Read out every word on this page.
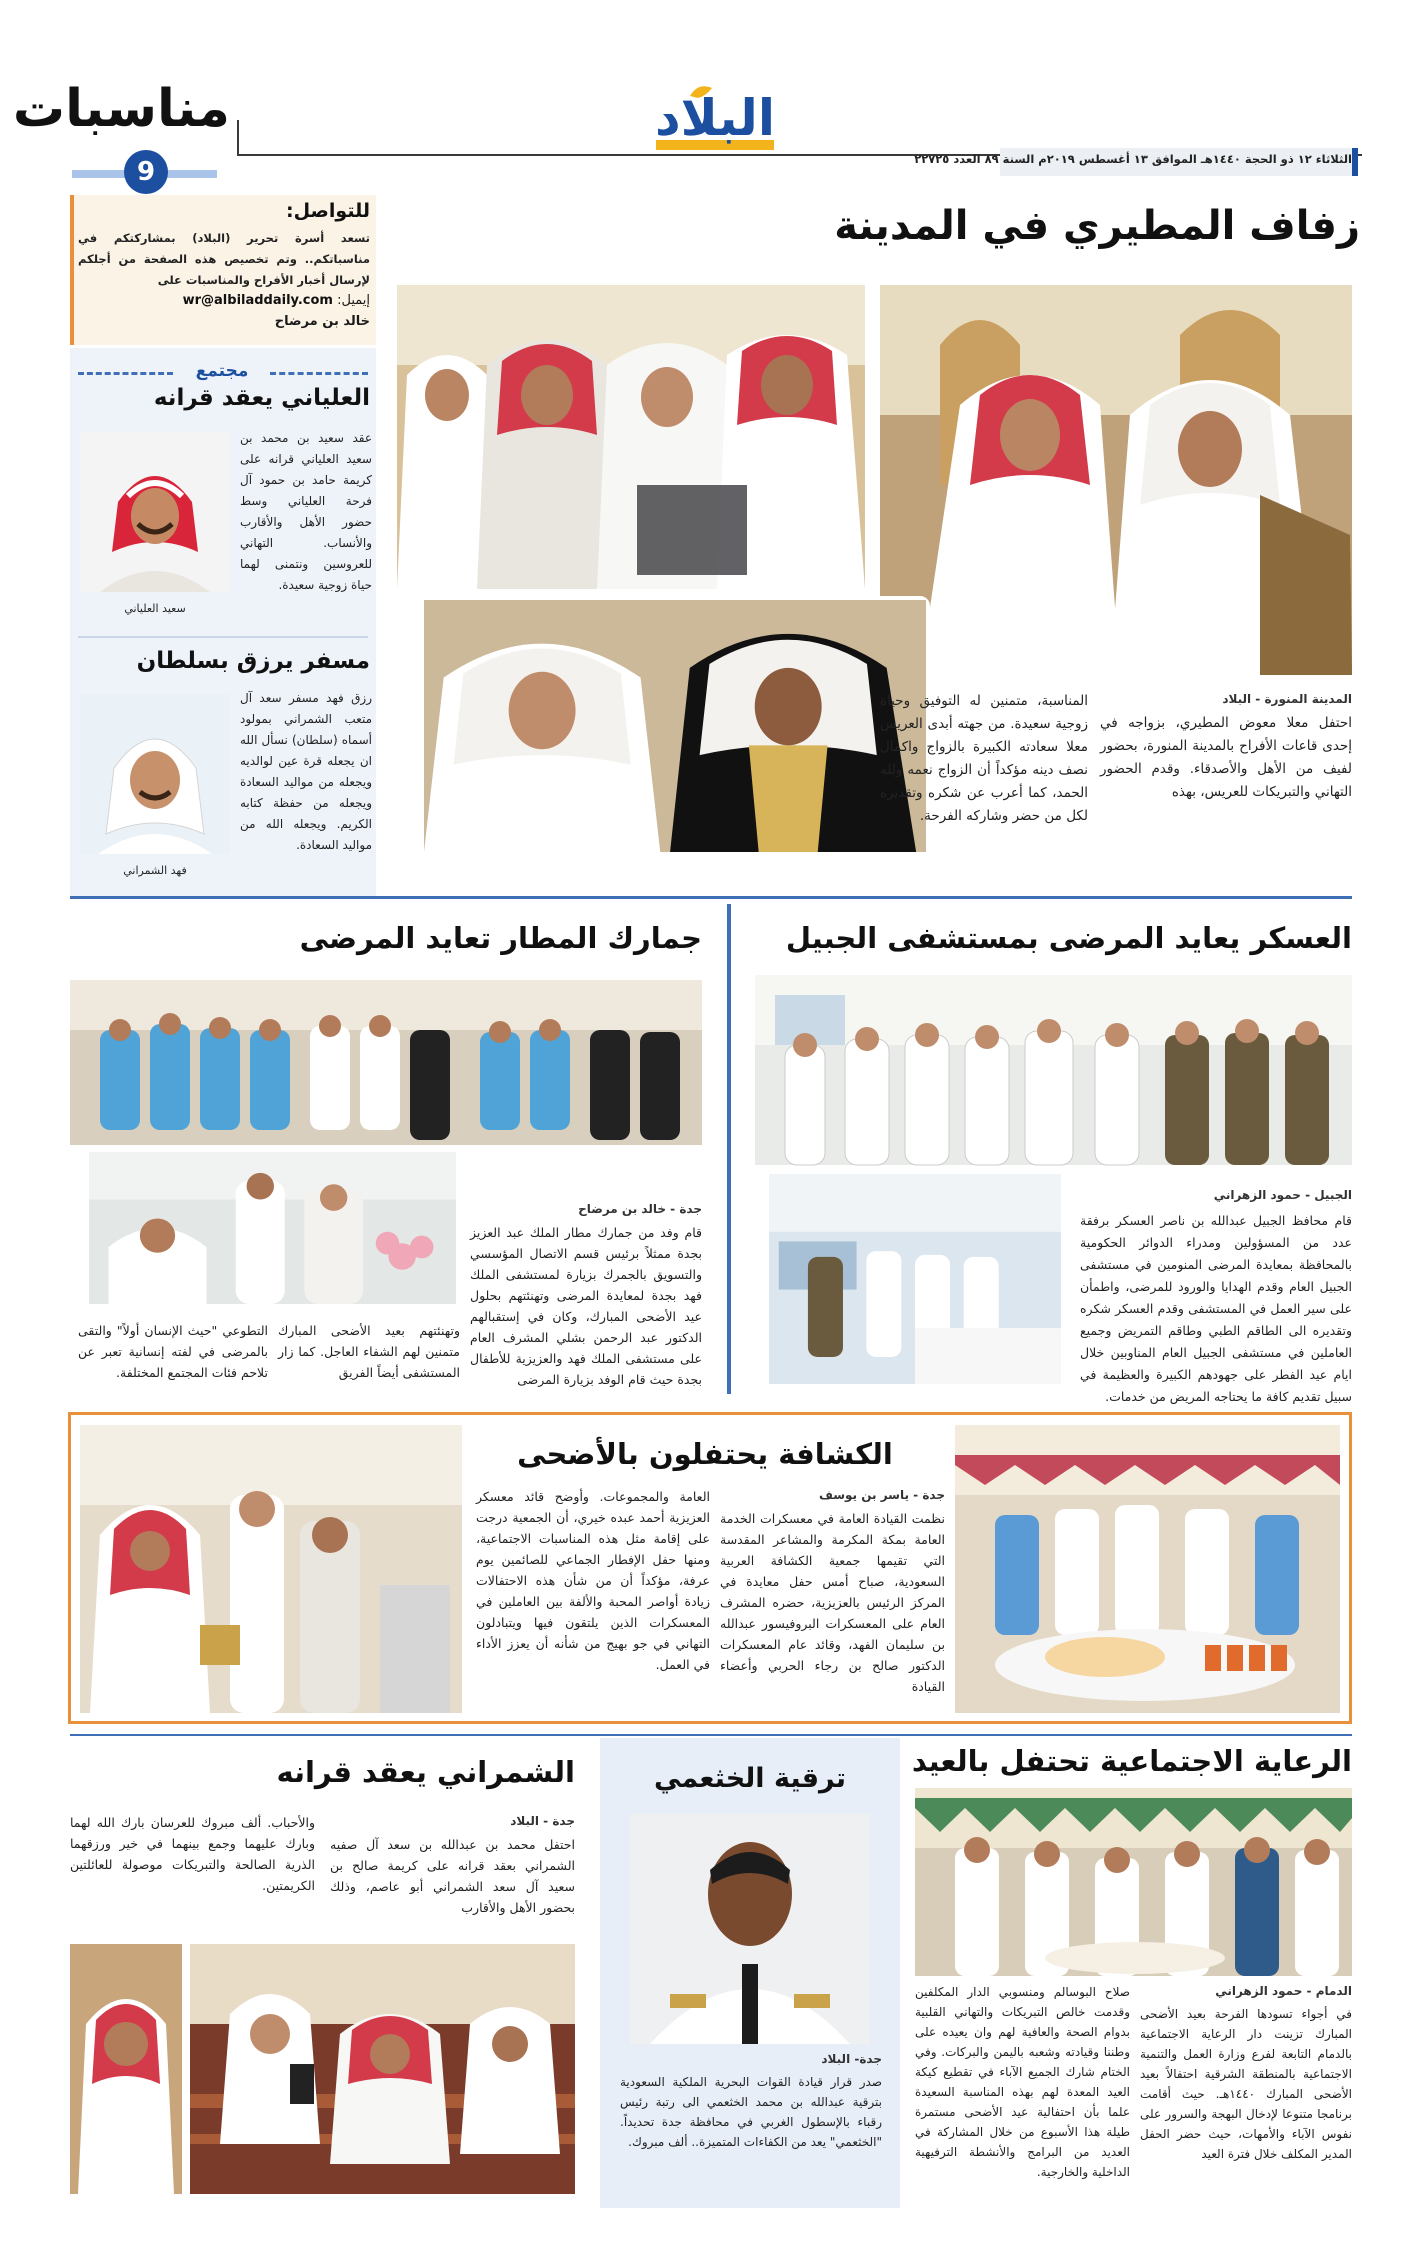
الثلاثاء ١٢ ذو الحجة ١٤٤٠هـ الموافق ١٣ أغسطس ٢٠١٩م السنة ٨٩ العدد ٢٢٧٢٥
البلاد
مناسبات
9
للتواصل:
تسعد أسرة تحرير (البلاد) بمشاركتكم في مناسباتكم.. وتم تخصيص هذه الصفحة من أجلكم لإرسال أخبار الأفراح والمناسبات على
إيميل: wr@albiladdaily.com
خالد بن مرضاح
مجتمع
العلياني يعقد قرانه
عقد سعيد بن محمد بن سعيد العلياني قرانه على كريمة حامد بن حمود آل فرحة العلياني وسط حضور الأهل والأقارب والأنساب. التهاني للعروسين ونتمنى لهما حياة زوجية سعيدة.
سعيد العلياني
مسفر يرزق بسلطان
رزق فهد مسفر سعد آل متعب الشمراني بمولود أسماه (سلطان) نسأل الله ان يجعله قرة عين لوالديه ويجعله من مواليد السعادة ويجعله من حفظة كتابه الكريم. ويجعله الله من مواليد السعادة.
فهد الشمراني
زفاف المطيري في المدينة
المدينة المنورة - البلاد
احتفل معلا معوض المطيري، بزواجه في إحدى قاعات الأفراح بالمدينة المنورة، بحضور لفيف من الأهل والأصدقاء. وقدم الحضور التهاني والتبريكات للعريس، بهذه
المناسبة، متمنين له التوفيق وحياة زوجية سعيدة. من جهته أبدى العريس معلا سعادته الكبيرة بالزواج واكمال نصف دينه مؤكداً أن الزواج نعمه ولله الحمد، كما أعرب عن شكره وتقديره لكل من حضر وشاركه الفرحة.
العسكر يعايد المرضى بمستشفى الجبيل
الجبيل - حمود الزهراني
قام محافظ الجبيل عبدالله بن ناصر العسكر برفقة عدد من المسؤولين ومدراء الدوائر الحكومية بالمحافظة بمعايدة المرضى المنومين في مستشفى الجبيل العام وقدم الهدايا والورود للمرضى، واطمأن على سير العمل في المستشفى وقدم العسكر شكره وتقديره الى الطاقم الطبي وطاقم التمريض وجميع العاملين في مستشفى الجبيل العام المناوبين خلال ايام عيد الفطر على جهودهم الكبيرة والعظيمة في سبيل تقديم كافة ما يحتاجه المريض من خدمات.
جمارك المطار تعايد المرضى
جدة - خالد بن مرضاح
قام وفد من جمارك مطار الملك عبد العزيز بجدة ممثلاً برئيس قسم الاتصال المؤسسي والتسويق بالجمرك بزيارة لمستشفى الملك فهد بجدة لمعايدة المرضى وتهنئتهم بحلول عيد الأضحى المبارك، وكان في إستقبالهم الدكتور عبد الرحمن بشلي المشرف العام على مستشفى الملك فهد والعزيزية للأطفال بجدة حيث قام الوفد بزيارة المرضى
وتهنئتهم بعيد الأضحى المبارك متمنين لهم الشفاء العاجل. كما زار المستشفى أيضاً الفريق
التطوعي "حيث الإنسان أولاً" والتقى بالمرضى في لفته إنسانية تعبر عن تلاحم فئات المجتمع المختلفة.
الكشافة يحتفلون بالأضحى
جدة - ياسر بن يوسف
نظمت القيادة العامة في معسكرات الخدمة العامة بمكة المكرمة والمشاعر المقدسة التي تقيمها جمعية الكشافة العربية السعودية، صباح أمس حفل معايدة في المركز الرئيس بالعزيزية، حضره المشرف العام على المعسكرات البروفيسور عبدالله بن سليمان الفهد، وقائد عام المعسكرات الدكتور صالح بن رجاء الحربي وأعضاء القيادة
العامة والمجموعات. وأوضح قائد معسكر العزيزية أحمد عبده خيري، أن الجمعية درجت على إقامة مثل هذه المناسبات الاجتماعية، ومنها حفل الإفطار الجماعي للصائمين يوم عرفة، مؤكداً أن من شأن هذه الاحتفالات زيادة أواصر المحبة والألفة بين العاملين في المعسكرات الذين يلتقون فيها ويتبادلون التهاني في جو بهيج من شأنه أن يعزز الأداء في العمل.
الرعاية الاجتماعية تحتفل بالعيد
الدمام - حمود الزهراني
في أجواء تسودها الفرحة بعيد الأضحى المبارك تزينت دار الرعاية الاجتماعية بالدمام التابعة لفرع وزارة العمل والتنمية الاجتماعية بالمنطقة الشرقية احتفالاً بعيد الأضحى المبارك ١٤٤٠هـ. حيث أقامت برنامجا متنوعا لإدخال البهجة والسرور على نفوس الآباء والأمهات، حيث حضر الحفل المدير المكلف خلال فترة العيد
صلاح البوسالم ومنسوبي الدار المكلفين وقدمت خالص التبريكات والتهاني القلبية بدوام الصحة والعافية لهم وان يعيده على وطننا وقيادته وشعبه باليمن والبركات. وفي الختام شارك الجميع الآباء في تقطيع كيكة العيد المعدة لهم بهذه المناسبة السعيدة علما بأن احتفالية عيد الأضحى مستمرة طيلة هذا الأسبوع من خلال المشاركة في العديد من البرامج والأنشطة الترفيهية الداخلية والخارجية.
ترقية الخثعمي
جدة- البلاد
صدر قرار قيادة القوات البحرية الملكية السعودية بترقية عبدالله بن محمد الخثعمي الى رتبة رئيس رقباء بالإسطول الغربي في محافظة جدة تحديداً. "الخثعمي" يعد من الكفاءات المتميزة.. ألف مبروك.
الشمراني يعقد قرانه
جدة - البلاد
احتفل محمد بن عبدالله بن سعد آل صفيه الشمراني بعقد قرانه على كريمة صالح بن سعيد آل سعد الشمراني أبو عاصم، وذلك بحضور الأهل والأقارب
والأحباب. ألف مبروك للعرسان بارك الله لهما وبارك عليهما وجمع بينهما في خير ورزقهما الذرية الصالحة والتبريكات موصولة للعائلتين الكريمتين.
